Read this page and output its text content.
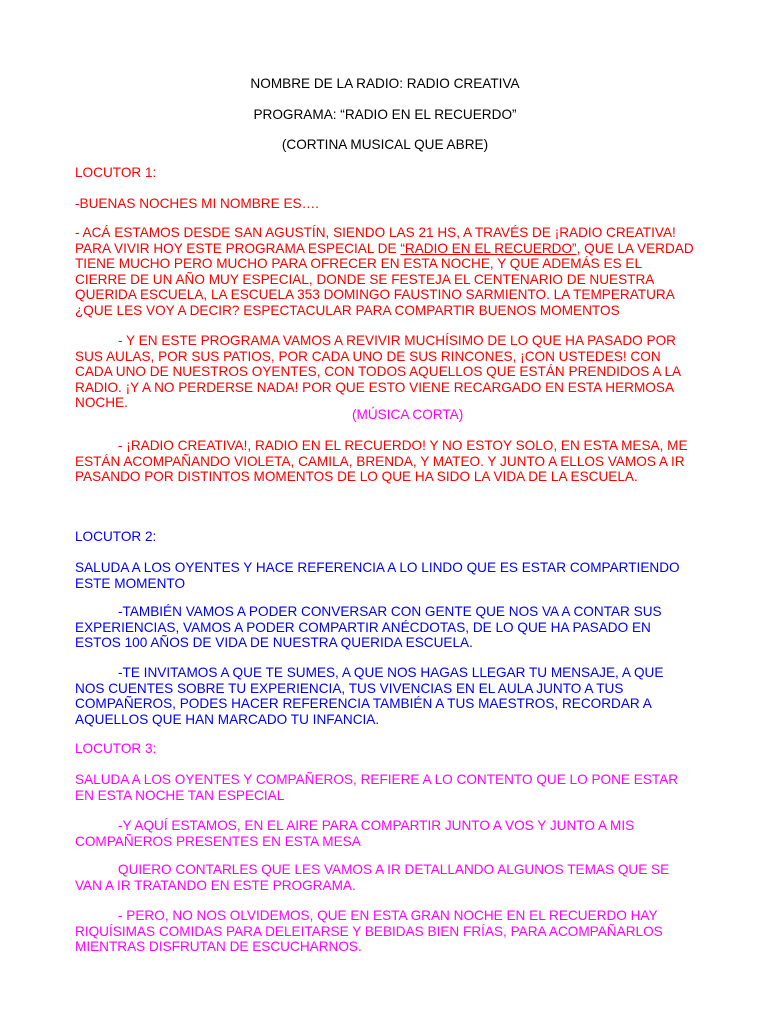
NOMBRE DE LA RADIO: RADIO CREATIVA

PROGRAMA: “RADIO EN EL RECUERDO”

(CORTINA MUSICAL QUE ABRE)

LOCUTOR 1:

-BUENAS NOCHES MI NOMBRE ES….

- ACÁ ESTAMOS DESDE SAN AGUSTÍN, SIENDO LAS 21 HS, A TRAVÉS DE ¡RADIO CREATIVA! PARA VIVIR HOY ESTE PROGRAMA ESPECIAL DE “RADIO EN EL RECUERDO”, QUE LA VERDAD TIENE MUCHO PERO MUCHO PARA OFRECER EN ESTA NOCHE, Y QUE ADEMÁS ES EL CIERRE DE UN AÑO MUY ESPECIAL, DONDE SE FESTEJA EL CENTENARIO DE NUESTRA QUERIDA ESCUELA, LA ESCUELA 353 DOMINGO FAUSTINO SARMIENTO. LA TEMPERATURA ¿QUE LES VOY A DECIR? ESPECTACULAR PARA COMPARTIR BUENOS MOMENTOS

- Y EN ESTE PROGRAMA VAMOS A REVIVIR MUCHÍSIMO DE LO QUE HA PASADO POR SUS AULAS, POR SUS PATIOS, POR CADA UNO DE SUS RINCONES, ¡CON USTEDES! CON CADA UNO DE NUESTROS OYENTES, CON TODOS AQUELLOS QUE ESTÁN PRENDIDOS A LA RADIO. ¡Y A NO PERDERSE NADA! POR QUE ESTO VIENE RECARGADO EN ESTA HERMOSA NOCHE.

(MÚSICA CORTA)

- ¡RADIO CREATIVA!, RADIO EN EL RECUERDO! Y NO ESTOY SOLO, EN ESTA MESA, ME ESTÁN ACOMPAÑANDO VIOLETA, CAMILA, BRENDA, Y MATEO. Y JUNTO A ELLOS VAMOS A IR PASANDO POR DISTINTOS MOMENTOS DE LO QUE HA SIDO LA VIDA DE LA ESCUELA.

LOCUTOR 2:

SALUDA A LOS OYENTES Y HACE REFERENCIA A LO LINDO QUE ES ESTAR COMPARTIENDO ESTE MOMENTO

-TAMBIÉN VAMOS A PODER CONVERSAR CON GENTE QUE NOS VA A CONTAR SUS EXPERIENCIAS, VAMOS A PODER COMPARTIR ANÉCDOTAS, DE LO QUE HA PASADO EN ESTOS 100 AÑOS DE VIDA DE NUESTRA QUERIDA ESCUELA.

-TE INVITAMOS A QUE TE SUMES, A QUE NOS HAGAS LLEGAR TU MENSAJE, A QUE NOS CUENTES SOBRE TU EXPERIENCIA, TUS VIVENCIAS EN EL AULA JUNTO A TUS COMPAÑEROS, PODES HACER REFERENCIA TAMBIÉN A TUS MAESTROS, RECORDAR A AQUELLOS QUE HAN MARCADO TU INFANCIA.

LOCUTOR 3:

SALUDA A LOS OYENTES Y COMPAÑEROS, REFIERE A LO CONTENTO QUE LO PONE ESTAR EN ESTA NOCHE TAN ESPECIAL

-Y AQUÍ ESTAMOS, EN EL AIRE PARA COMPARTIR JUNTO A VOS Y JUNTO A MIS COMPAÑEROS PRESENTES EN ESTA MESA

QUIERO CONTARLES QUE LES VAMOS A IR DETALLANDO ALGUNOS TEMAS QUE SE VAN A IR TRATANDO EN ESTE PROGRAMA.

- PERO, NO NOS OLVIDEMOS, QUE EN ESTA GRAN NOCHE EN EL RECUERDO HAY RIQUÍSIMAS COMIDAS PARA DELEITARSE Y BEBIDAS BIEN FRÍAS, PARA ACOMPAÑARLOS MIENTRAS DISFRUTAN DE ESCUCHARNOS.
